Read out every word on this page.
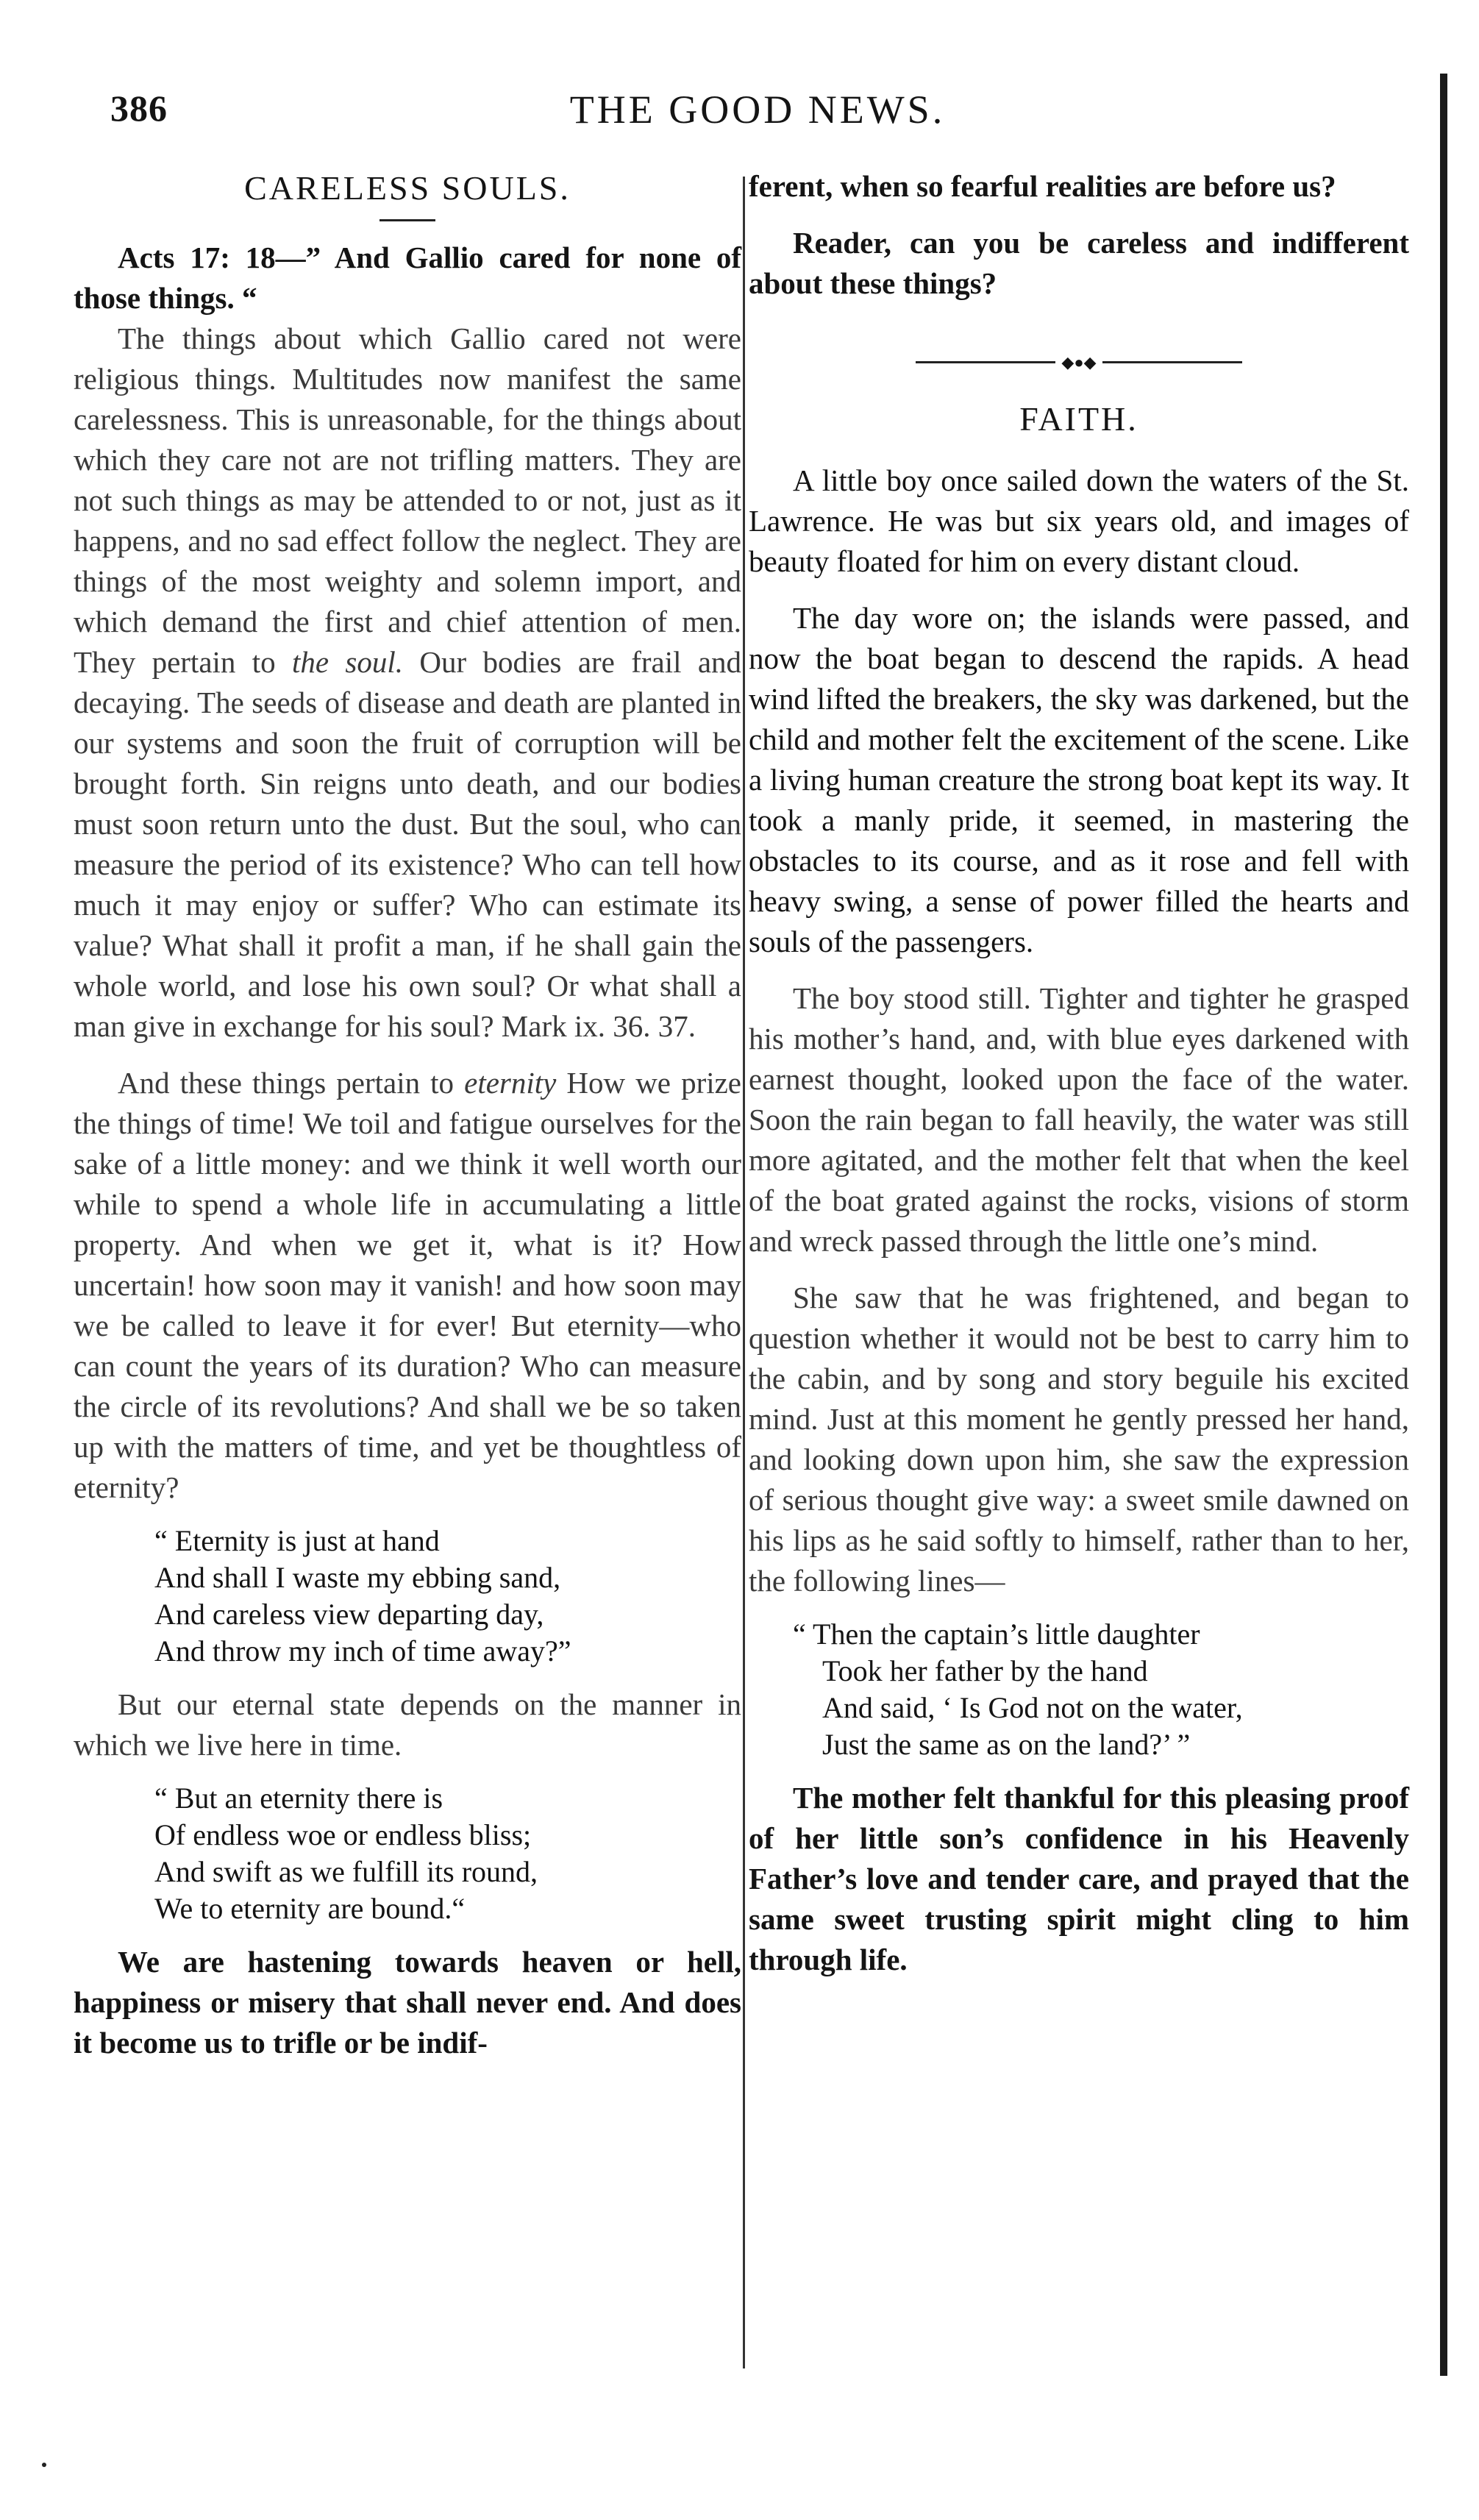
386	THE GOOD NEWS.
CARELESS SOULS.

Acts 17: 18—” And Gallio cared for none of those things. “

The things about which Gallio cared not were religious things. Multitudes now manifest the same carelessness. This is unreasonable, for the things about which they care not are not trifling matters. They are not such things as may be attended to or not, just as it happens, and no sad effect follow the neglect. They are things of the most weighty and solemn import, and which demand the first and chief attention of men. They pertain to the soul. Our bodies are frail and decaying. The seeds of disease and death are planted in our systems and soon the fruit of corruption will be brought forth. Sin reigns unto death, and our bodies must soon return unto the dust. But the soul, who can measure the period of its existence? Who can tell how much it may enjoy or suffer? Who can estimate its value? What shall it profit a man, if he shall gain the whole world, and lose his own soul? Or what shall a man give in exchange for his soul? Mark ix. 36. 37.

And these things pertain to eternity How we prize the things of time! We toil and fatigue ourselves for the sake of a little money: and we think it well worth our while to spend a whole life in accumulating a little property. And when we get it, what is it? How uncertain! how soon may it vanish! and how soon may we be called to leave it for ever! But eternity—who can count the years of its duration? Who can measure the circle of its revolutions? And shall we be so taken up with the matters of time, and yet be thoughtless of eternity?

“ Eternity is just at hand
And shall I waste my ebbing sand,
And careless view departing day,
And throw my inch of time away?”

But our eternal state depends on the manner in which we live here in time.

“ But an eternity there is
Of endless woe or endless bliss;
And swift as we fulfill its round,
We to eternity are bound.“

We are hastening towards heaven or hell, happiness or misery that shall never end. And does it become us to trifle or be indif-

ferent, when so fearful realities are before us?

Reader, can you be careless and indifferent about these things?

◆●◆
FAITH.

A little boy once sailed down the waters of the St. Lawrence. He was but six years old, and images of beauty floated for him on every distant cloud.

The day wore on; the islands were passed, and now the boat began to descend the rapids. A head wind lifted the breakers, the sky was darkened, but the child and mother felt the excitement of the scene. Like a living human creature the strong boat kept its way. It took a manly pride, it seemed, in mastering the obstacles to its course, and as it rose and fell with heavy swing, a sense of power filled the hearts and souls of the passengers.

The boy stood still. Tighter and tighter he grasped his mother’s hand, and, with blue eyes darkened with earnest thought, looked upon the face of the water. Soon the rain began to fall heavily, the water was still more agitated, and the mother felt that when the keel of the boat grated against the rocks, visions of storm and wreck passed through the little one’s mind.

She saw that he was frightened, and began to question whether it would not be best to carry him to the cabin, and by song and story beguile his excited mind. Just at this moment he gently pressed her hand, and looking down upon him, she saw the expression of serious thought give way: a sweet smile dawned on his lips as he said softly to himself, rather than to her, the following lines—

“ Then the captain’s little daughter
Took her father by the hand
And said, ‘ Is God not on the water,
Just the same as on the land?’ ”

The mother felt thankful for this pleasing proof of her little son’s confidence in his Heavenly Father’s love and tender care, and prayed that the same sweet trusting spirit might cling to him through life.
